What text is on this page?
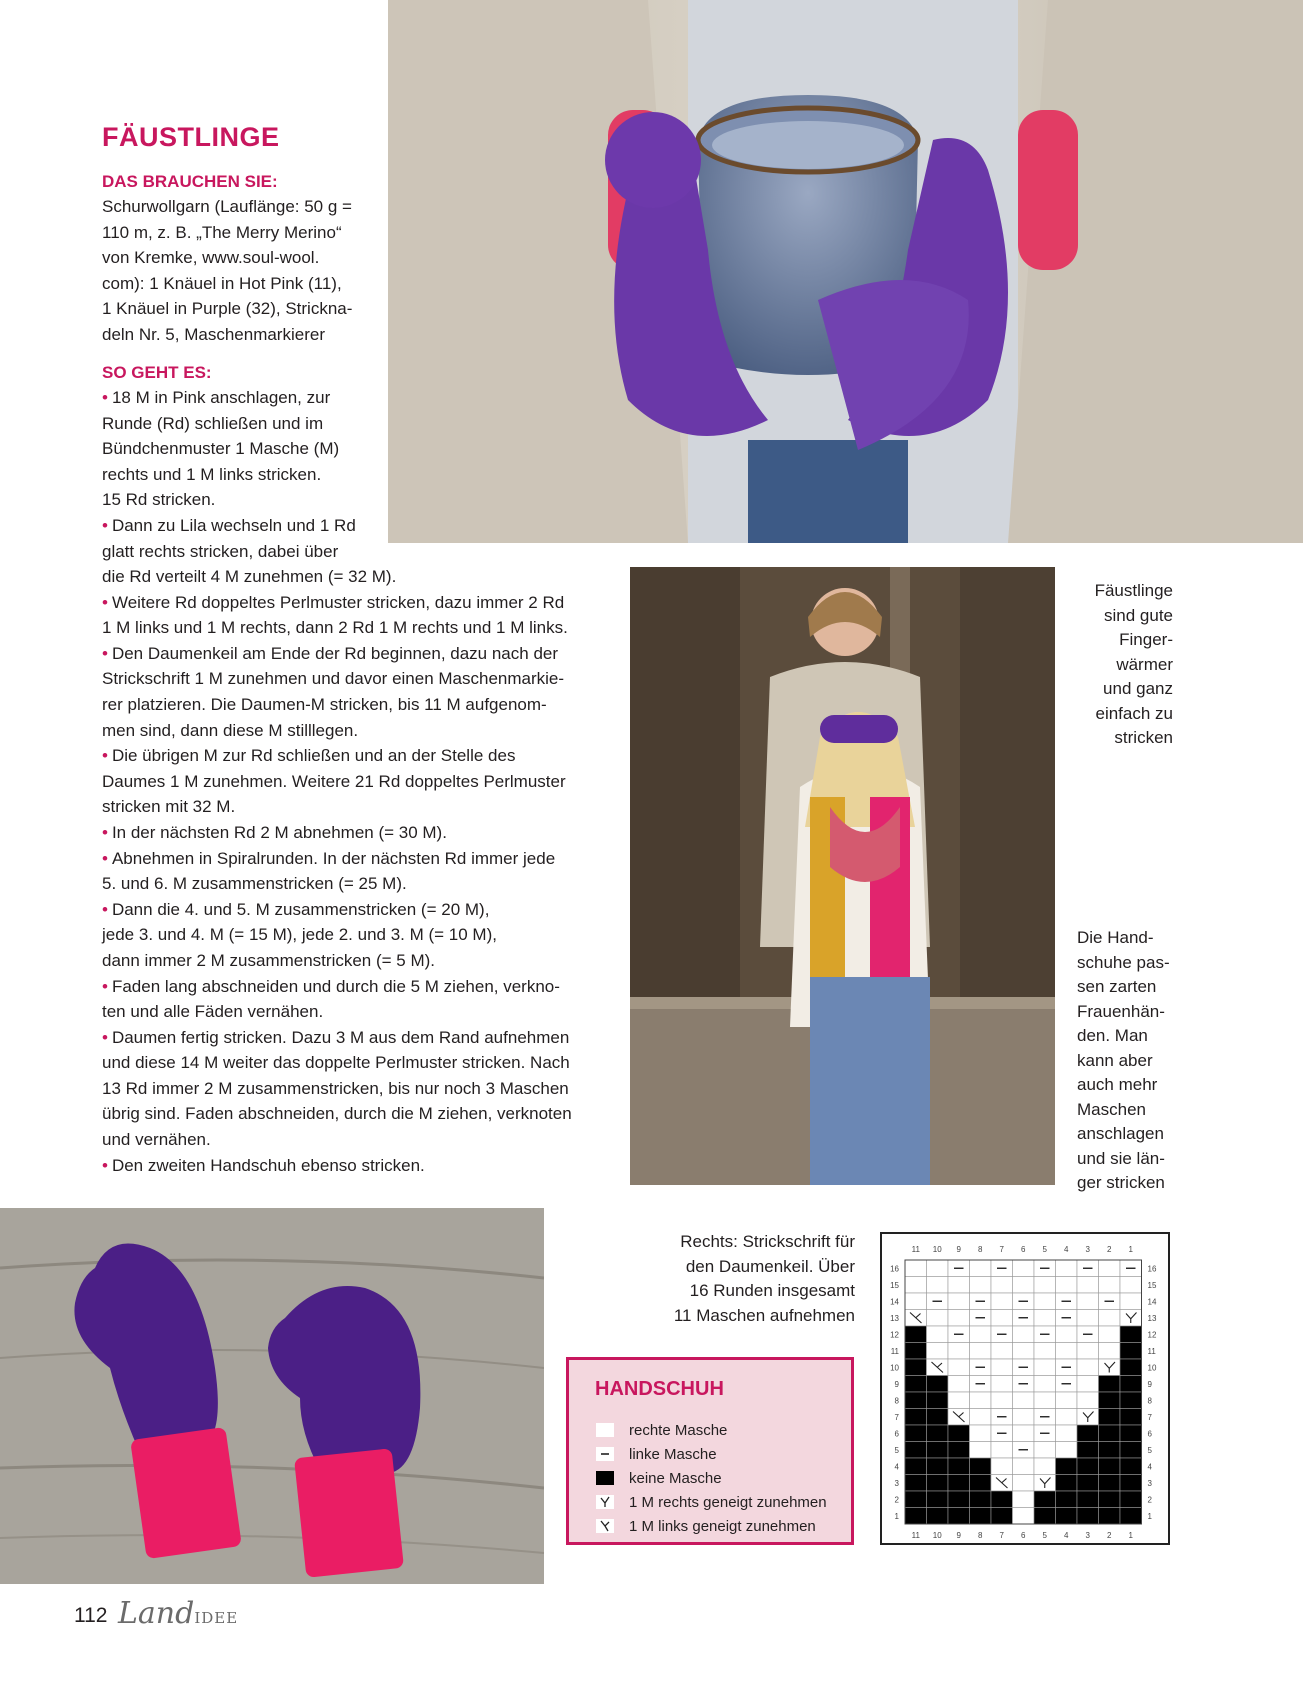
FÄUSTLINGE
DAS BRAUCHEN SIE:
Schurwollgarn (Lauflänge: 50 g =
110 m, z. B. „The Merry Merino“
von Kremke, www.soul-wool.
com): 1 Knäuel in Hot Pink (11),
1 Knäuel in Purple (32), Strickna-
deln Nr. 5, Maschenmarkierer
SO GEHT ES:
• 18 M in Pink anschlagen, zur
Runde (Rd) schließen und im
Bündchenmuster 1 Masche (M)
rechts und 1 M links stricken.
15 Rd stricken.
• Dann zu Lila wechseln und 1 Rd
glatt rechts stricken, dabei über
die Rd verteilt 4 M zunehmen (= 32 M).
• Weitere Rd doppeltes Perlmuster stricken, dazu immer 2 Rd
1 M links und 1 M rechts, dann 2 Rd 1 M rechts und 1 M links.
• Den Daumenkeil am Ende der Rd beginnen, dazu nach der
Strickschrift 1 M zunehmen und davor einen Maschenmarkie-
rer platzieren. Die Daumen-M stricken, bis 11 M aufgenom-
men sind, dann diese M stilllegen.
• Die übrigen M zur Rd schließen und an der Stelle des
Daumes 1 M zunehmen. Weitere 21 Rd doppeltes Perlmuster
stricken mit 32 M.
• In der nächsten Rd 2 M abnehmen (= 30 M).
• Abnehmen in Spiralrunden. In der nächsten Rd immer jede
5. und 6. M zusammenstricken (= 25 M).
• Dann die 4. und 5. M zusammenstricken (= 20 M),
jede 3. und 4. M (= 15 M), jede 2. und 3. M (= 10 M),
dann immer 2 M zusammenstricken (= 5 M).
• Faden lang abschneiden und durch die 5 M ziehen, verkno-
ten und alle Fäden vernähen.
• Daumen fertig stricken. Dazu 3 M aus dem Rand aufnehmen
und diese 14 M weiter das doppelte Perlmuster stricken. Nach
13 Rd immer 2 M zusammenstricken, bis nur noch 3 Maschen
übrig sind. Faden abschneiden, durch die M ziehen, verknoten
und vernähen.
• Den zweiten Handschuh ebenso stricken.
Fäustlinge
sind gute
Finger-
wärmer
und ganz
einfach zu
stricken
Die Hand-
schuhe pas-
sen zarten
Frauenhän-
den. Man
kann aber
auch mehr
Maschen
anschlagen
und sie län-
ger stricken
Rechts: Strickschrift für
den Daumenkeil. Über
16 Runden insgesamt
11 Maschen aufnehmen
HANDSCHUH
rechte Masche
linke Masche
keine Masche
1 M rechts geneigt zunehmen
1 M links geneigt zunehmen
11
11
10
10
9
9
8
8
7
7
6
6
5
5
4
4
3
3
2
2
1
1
16	16
15	15
14	14
13	13
12	12
11	11
10	10
9	9
8	8
7	7
6	6
5	5
4	4
3	3
2	2
1	1
112 LandIDEE
